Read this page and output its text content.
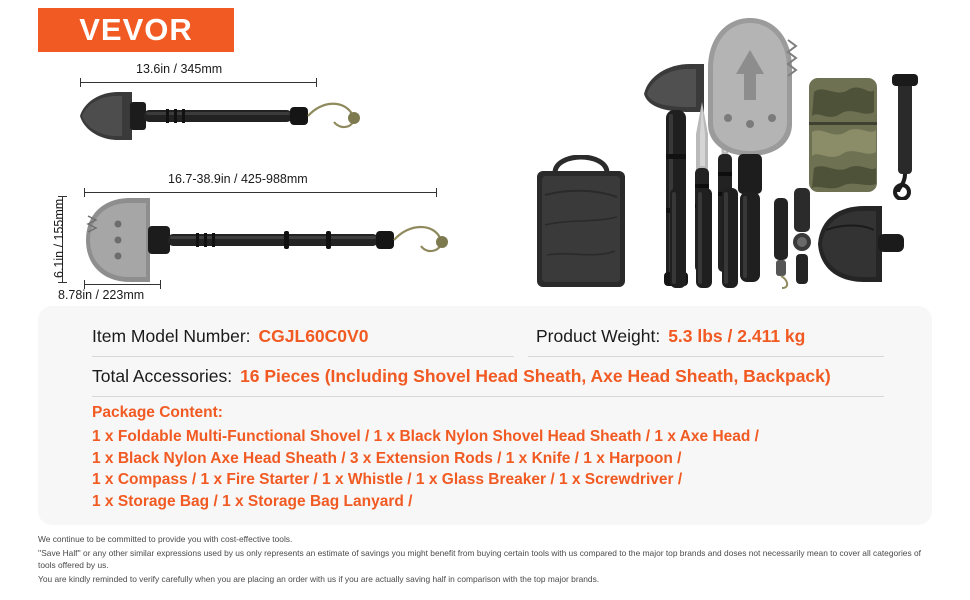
VEVOR
13.6in / 345mm
16.7-38.9in / 425-988mm
6.1in / 155mm
8.78in / 223mm
Item Model Number: CGJL60C0V0	Product Weight: 5.3 lbs / 2.411 kg
Total Accessories: 16 Pieces (Including Shovel Head Sheath, Axe Head Sheath, Backpack)
Package Content:
1 x Foldable Multi-Functional Shovel / 1 x Black Nylon Shovel Head Sheath / 1 x Axe Head /
1 x Black Nylon Axe Head Sheath / 3 x Extension Rods / 1 x Knife / 1 x Harpoon /
1 x Compass / 1 x Fire Starter / 1 x Whistle / 1 x Glass Breaker / 1 x Screwdriver /
1 x Storage Bag / 1 x Storage Bag Lanyard /

We continue to be committed to provide you with cost-effective tools.

''Save Half'' or any other similar expressions used by us only represents an estimate of savings you might benefit from buying certain tools with us compared to the major top brands and doses not necessarily mean to cover all categories of tools offered by us.

You are kindly reminded to verify carefully when you are placing an order with us if you are actually saving half in comparison with the top major brands.
